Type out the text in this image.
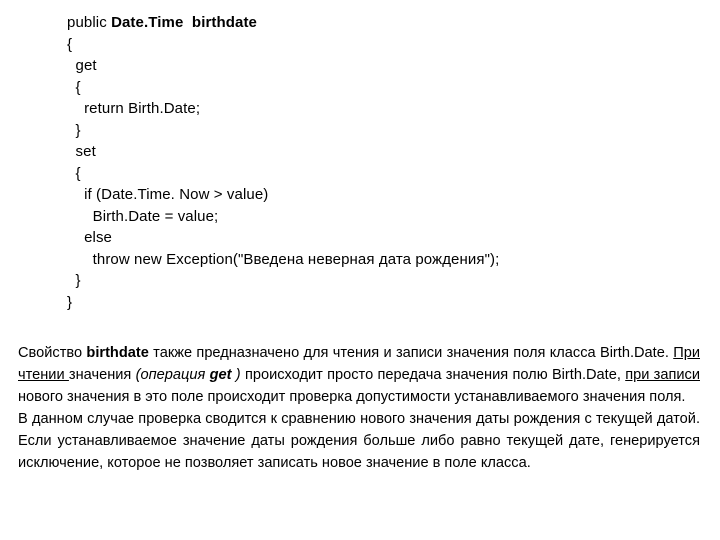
public Date.Time  birthdate
{
get
{
return Birth.Date;
}
set
{
if (Date.Time. Now > value)
Birth.Date = value;
else
throw new Exception("Введена неверная дата рождения");
}
}

Свойство birthdate также предназначено для чтения и записи значения поля класса Birth.Date. При чтении значения (операция get ) происходит просто передача значения полю Birth.Date, при записи нового значения в это поле происходит проверка допустимости устанавливаемого значения поля.

В данном случае проверка сводится к сравнению нового значения даты рождения с текущей датой. Если устанавливаемое значение даты рождения больше либо равно текущей дате, генерируется исключение, которое не позволяет записать новое значение в поле класса.
